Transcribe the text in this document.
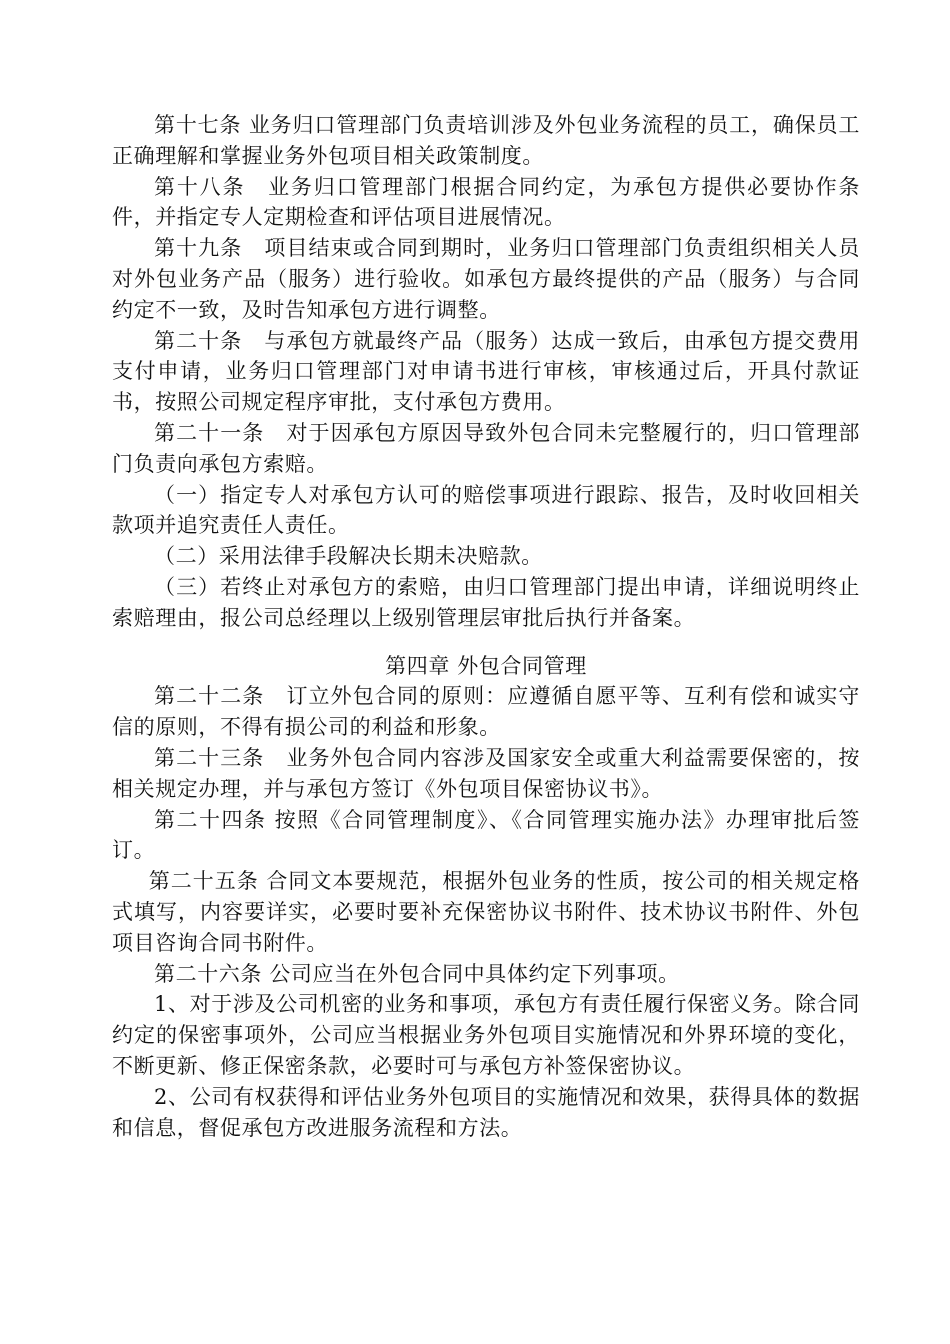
第十七条 业务归口管理部门负责培训涉及外包业务流程的员工，确保员工正确理解和掌握业务外包项目相关政策制度。

第十八条　业务归口管理部门根据合同约定，为承包方提供必要协作条件，并指定专人定期检查和评估项目进展情况。

第十九条　项目结束或合同到期时，业务归口管理部门负责组织相关人员对外包业务产品（服务）进行验收。如承包方最终提供的产品（服务）与合同约定不一致，及时告知承包方进行调整。

第二十条　与承包方就最终产品（服务）达成一致后，由承包方提交费用支付申请，业务归口管理部门对申请书进行审核，审核通过后，开具付款证书，按照公司规定程序审批，支付承包方费用。

第二十一条　对于因承包方原因导致外包合同未完整履行的，归口管理部门负责向承包方索赔。

（一）指定专人对承包方认可的赔偿事项进行跟踪、报告，及时收回相关款项并追究责任人责任。

（二）采用法律手段解决长期未决赔款。

（三）若终止对承包方的索赔，由归口管理部门提出申请，详细说明终止索赔理由，报公司总经理以上级别管理层审批后执行并备案。

第四章 外包合同管理

第二十二条　订立外包合同的原则：应遵循自愿平等、互利有偿和诚实守信的原则，不得有损公司的利益和形象。

第二十三条　业务外包合同内容涉及国家安全或重大利益需要保密的，按相关规定办理，并与承包方签订《外包项目保密协议书》。

第二十四条 按照《合同管理制度》、《合同管理实施办法》办理审批后签订。

第二十五条 合同文本要规范，根据外包业务的性质，按公司的相关规定格式填写，内容要详实，必要时要补充保密协议书附件、技术协议书附件、外包项目咨询合同书附件。

第二十六条 公司应当在外包合同中具体约定下列事项。

1、对于涉及公司机密的业务和事项，承包方有责任履行保密义务。除合同约定的保密事项外，公司应当根据业务外包项目实施情况和外界环境的变化，不断更新、修正保密条款，必要时可与承包方补签保密协议。

2、公司有权获得和评估业务外包项目的实施情况和效果，获得具体的数据和信息，督促承包方改进服务流程和方法。
